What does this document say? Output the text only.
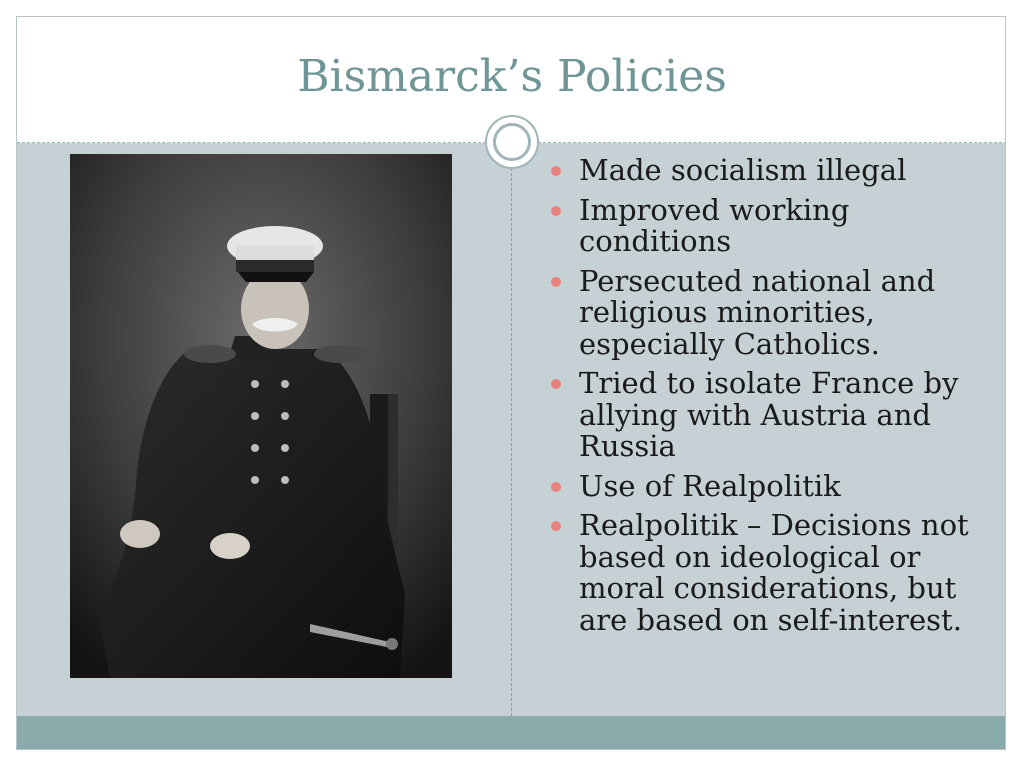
Bismarck’s Policies
Made socialism illegal
Improved working conditions
Persecuted national and religious minorities, especially Catholics.
Tried to isolate France by allying with Austria and Russia
Use of Realpolitik
Realpolitik – Decisions not based on ideological or moral considerations, but are based on self-interest.
